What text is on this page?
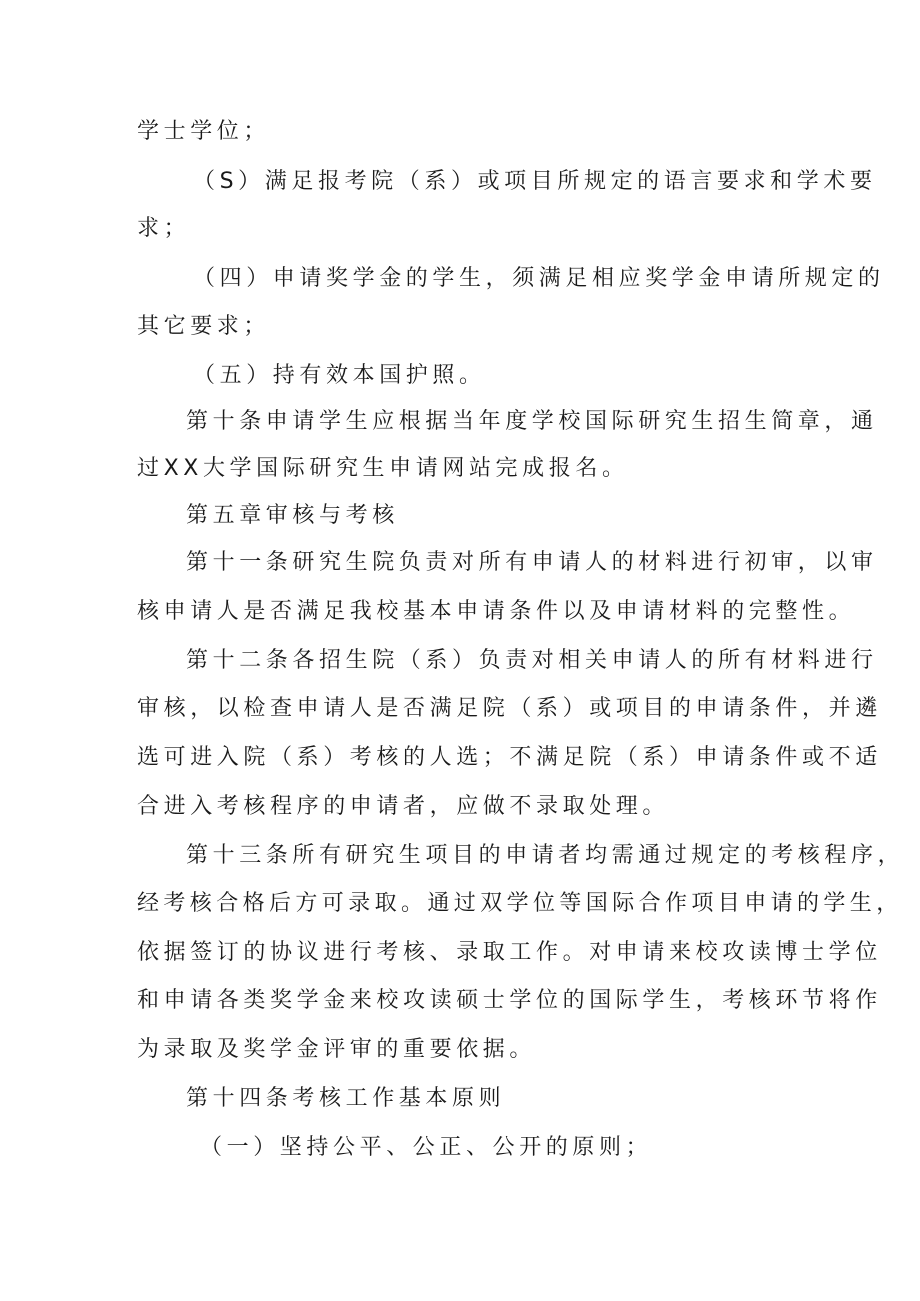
学士学位；
（S）满足报考院（系）或项目所规定的语言要求和学术要
求；
（四）申请奖学金的学生，须满足相应奖学金申请所规定的
其它要求；
（五）持有效本国护照。
第十条申请学生应根据当年度学校国际研究生招生简章，通
过XX大学国际研究生申请网站完成报名。
第五章审核与考核
第十一条研究生院负责对所有申请人的材料进行初审，以审
核申请人是否满足我校基本申请条件以及申请材料的完整性。
第十二条各招生院（系）负责对相关申请人的所有材料进行
审核，以检查申请人是否满足院（系）或项目的申请条件，并遴
选可进入院（系）考核的人选；不满足院（系）申请条件或不适
合进入考核程序的申请者，应做不录取处理。
第十三条所有研究生项目的申请者均需通过规定的考核程序，
经考核合格后方可录取。通过双学位等国际合作项目申请的学生，
依据签订的协议进行考核、录取工作。对申请来校攻读博士学位
和申请各类奖学金来校攻读硕士学位的国际学生，考核环节将作
为录取及奖学金评审的重要依据。
第十四条考核工作基本原则
（一）坚持公平、公正、公开的原则；
